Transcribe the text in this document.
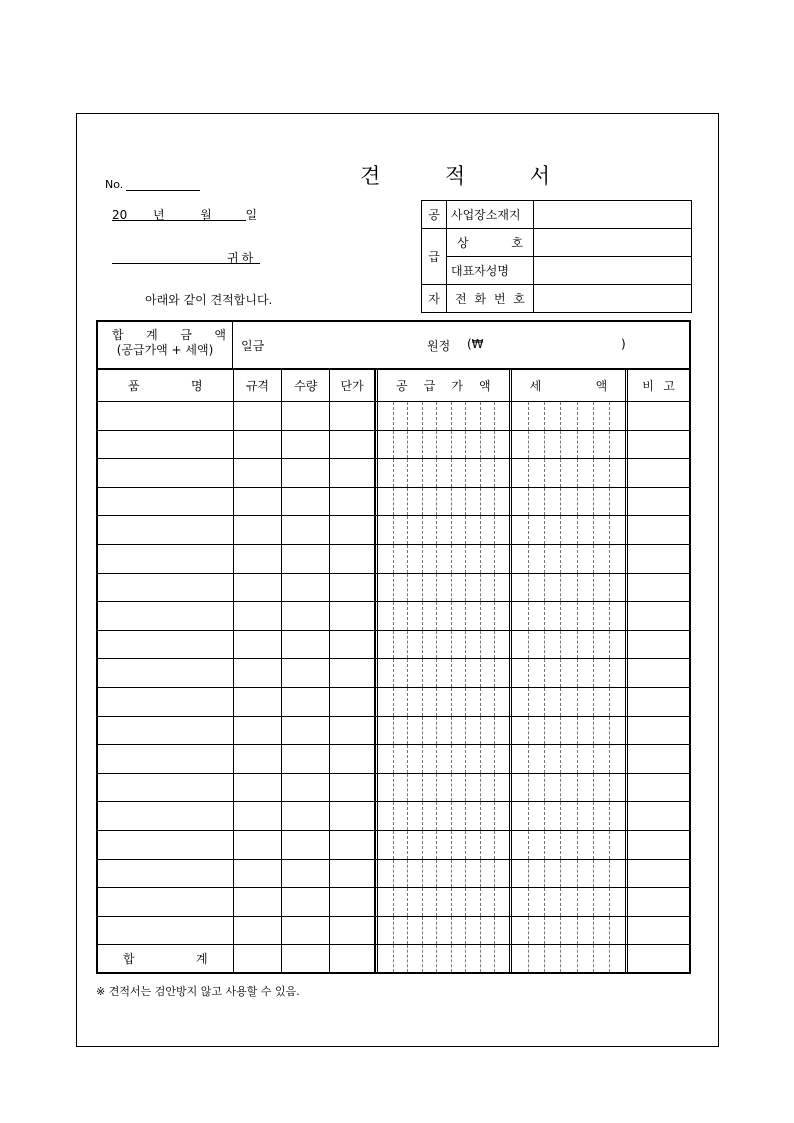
견	적	서
No.
20 년	월	일
귀하
아래와 같이 견적합니다.
공	사업장소재지	
급	상 호	

	대표자성명	
자	전 화 번 호	

합 계 금 액
(공급가액 + 세액)	일금	원정 (₩	)
품	명	규격	수량	단가	공 급 가 액	세	액	비 고
합	계
※ 견적서는 검안방지 않고 사용할 수 있음.
